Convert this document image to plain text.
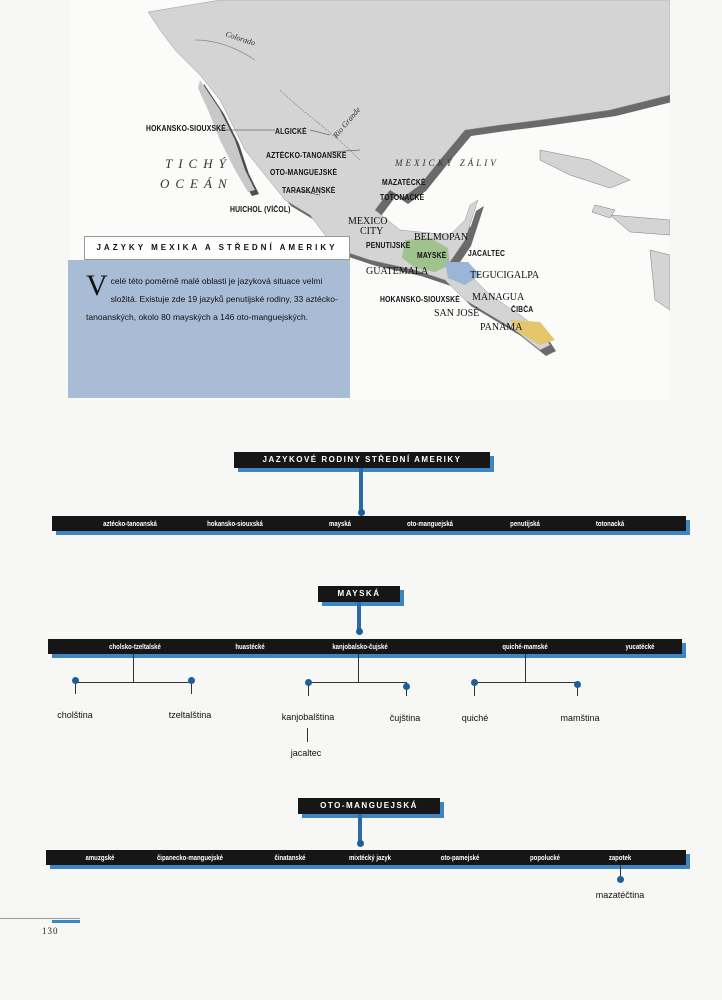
Colorado
Rio Grande
TICHÝ
OCEÁN
MEXICKÝ ZÁLIV
HOKANSKO-SIOUXSKÉ	ALGICKÉ
AZTÉCKO-TANOANSKÉ
OTO-MANGUEJSKÉ
MAZATÉCKÉ
TOTONACKÉ
TARASKÁNSKÉ
HUICHOL (VÍČOL)
PENUTIJSKÉ
MAYSKÉ	JACALTEC
HOKANSKO-SIOUXSKÉ
ČIBČA
MEXICO
CITY
BELMOPAN
GUATEMALA	TEGUCIGALPA
MANAGUA
SAN JOSÉ
PANAMA
JAZYKY MEXIKA A STŘEDNÍ AMERIKY
V celé této poměrně malé oblasti je jazyková situace velmi složitá. Existuje zde 19 jazyků penutijské rodiny, 33 aztécko-tanoanských, okolo 80 mayských a 146 oto-manguejských.
JAZYKOVÉ RODINY STŘEDNÍ AMERIKY
aztécko-tanoanská	hokansko-siouxská	mayská	oto-manguejská	penutijská	totonacká
MAYSKÁ
cholsko-tzeltalské	huastécké	kanjobalsko-čujské	quiché-mamské	yucatécké
cholština	tzeltalština	kanjobalština	čujština
jacaltec
quiché	mamština
OTO-MANGUEJSKÁ
amuzgské	čipanecko-manguejské	činatanské	mixtécký jazyk	oto-pamejské	popolucké	zapotek
mazatéčtina
130
